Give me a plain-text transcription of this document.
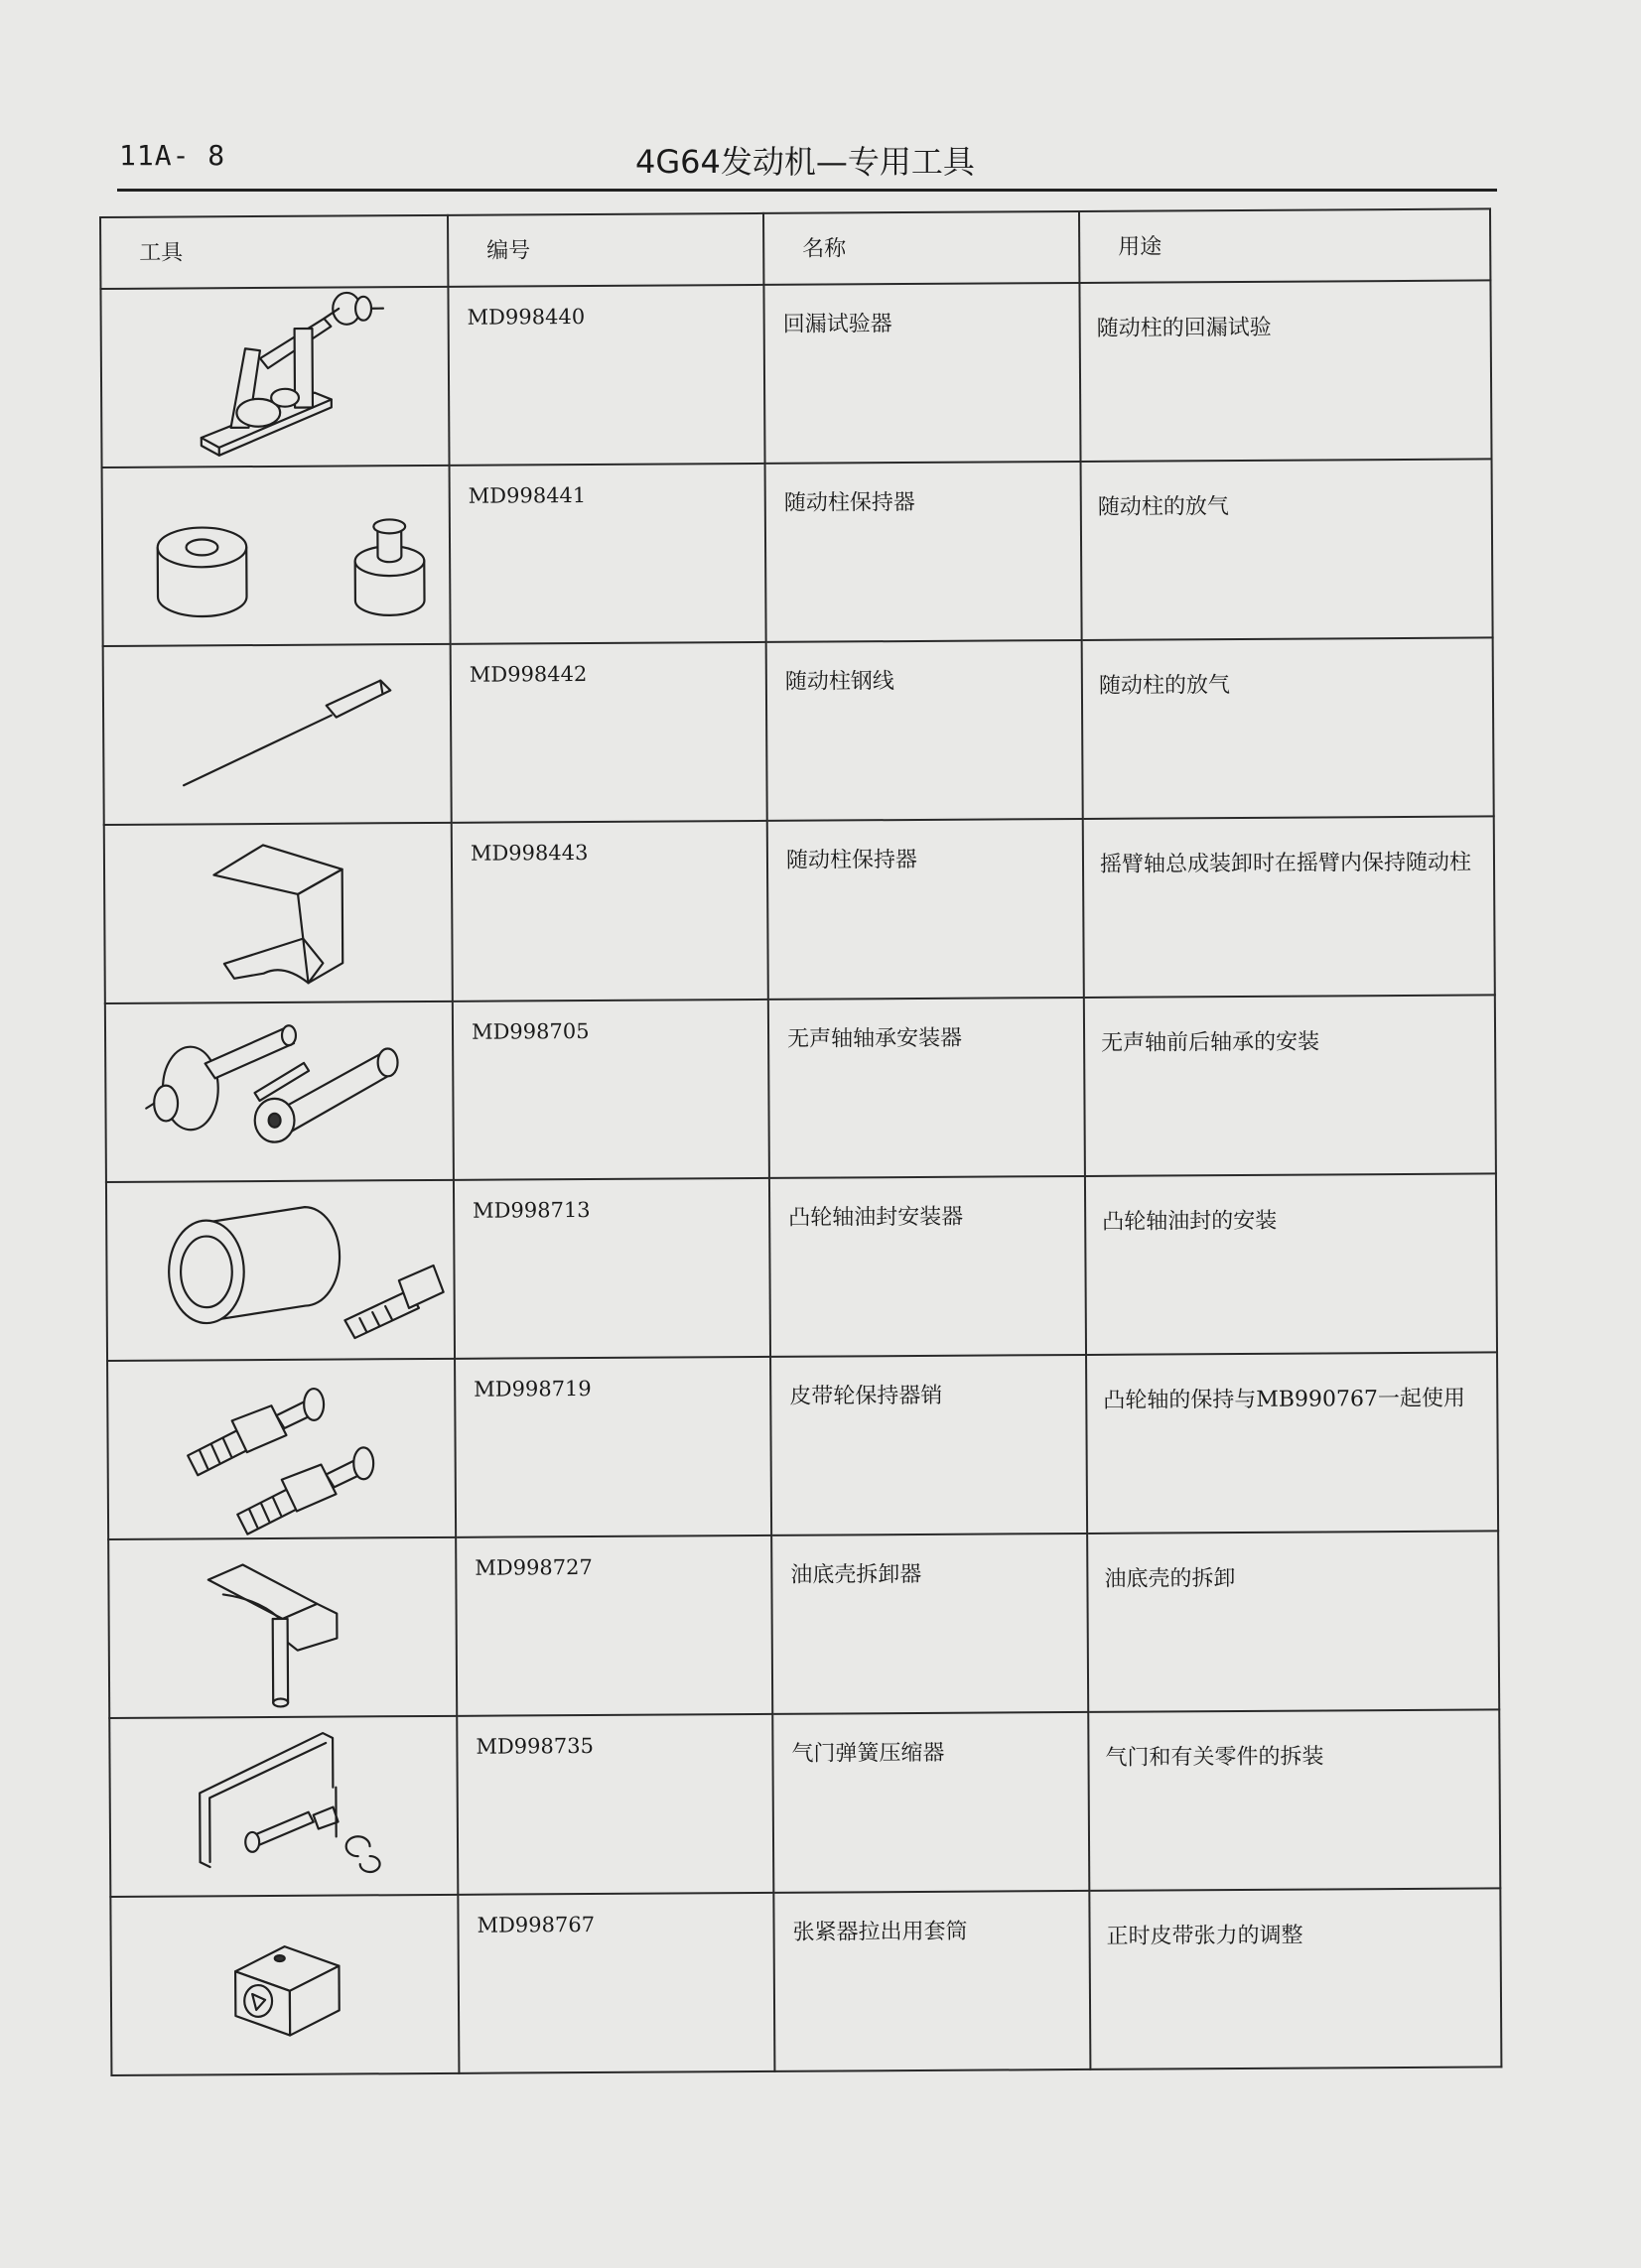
11A- 8	4G64发动机—专用工具
工具	编号	名称	用途

MD998440	回漏试验器	随动柱的回漏试验

MD998441	随动柱保持器	随动柱的放气

MD998442	随动柱钢线	随动柱的放气

MD998443	随动柱保持器	摇臂轴总成装卸时在摇臂内保持随动柱

MD998705	无声轴轴承安装器	无声轴前后轴承的安装

MD998713	凸轮轴油封安装器	凸轮轴油封的安装

MD998719	皮带轮保持器销	凸轮轴的保持与MB990767一起使用

MD998727	油底壳拆卸器	油底壳的拆卸

MD998735	气门弹簧压缩器	气门和有关零件的拆装

MD998767	张紧器拉出用套筒	正时皮带张力的调整
